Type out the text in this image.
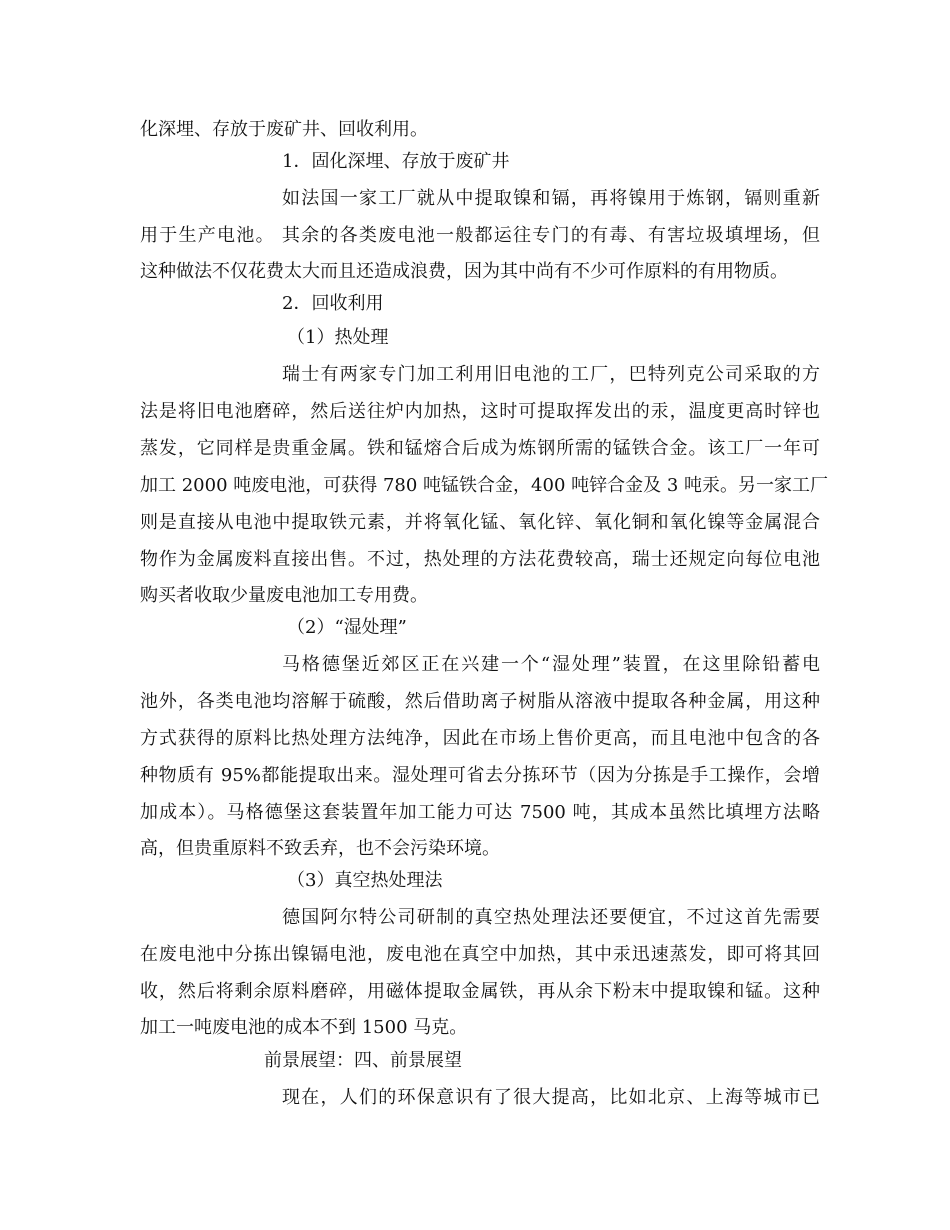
化深埋、存放于废矿井、回收利用。
1．固化深埋、存放于废矿井
如法国一家工厂就从中提取镍和镉，再将镍用于炼钢，镉则重新
用于生产电池。 其余的各类废电池一般都运往专门的有毒、有害垃圾填埋场，但
这种做法不仅花费太大而且还造成浪费，因为其中尚有不少可作原料的有用物质。
2．回收利用
（1）热处理
瑞士有两家专门加工利用旧电池的工厂，巴特列克公司采取的方
法是将旧电池磨碎，然后送往炉内加热，这时可提取挥发出的汞，温度更高时锌也
蒸发，它同样是贵重金属。铁和锰熔合后成为炼钢所需的锰铁合金。该工厂一年可
加工 2000 吨废电池，可获得 780 吨锰铁合金，400 吨锌合金及 3 吨汞。另一家工厂
则是直接从电池中提取铁元素，并将氧化锰、氧化锌、氧化铜和氧化镍等金属混合
物作为金属废料直接出售。不过，热处理的方法花费较高，瑞士还规定向每位电池
购买者收取少量废电池加工专用费。
（2）“湿处理”
马格德堡近郊区正在兴建一个“湿处理”装置，在这里除铅蓄电
池外，各类电池均溶解于硫酸，然后借助离子树脂从溶液中提取各种金属，用这种
方式获得的原料比热处理方法纯净，因此在市场上售价更高，而且电池中包含的各
种物质有 95%都能提取出来。湿处理可省去分拣环节（因为分拣是手工操作，会增
加成本）。马格德堡这套装置年加工能力可达 7500 吨，其成本虽然比填埋方法略
高，但贵重原料不致丢弃，也不会污染环境。
（3）真空热处理法
德国阿尔特公司研制的真空热处理法还要便宜，不过这首先需要
在废电池中分拣出镍镉电池，废电池在真空中加热，其中汞迅速蒸发，即可将其回
收，然后将剩余原料磨碎，用磁体提取金属铁，再从余下粉末中提取镍和锰。这种
加工一吨废电池的成本不到 1500 马克。
前景展望：四、前景展望
现在，人们的环保意识有了很大提高，比如北京、上海等城市已
